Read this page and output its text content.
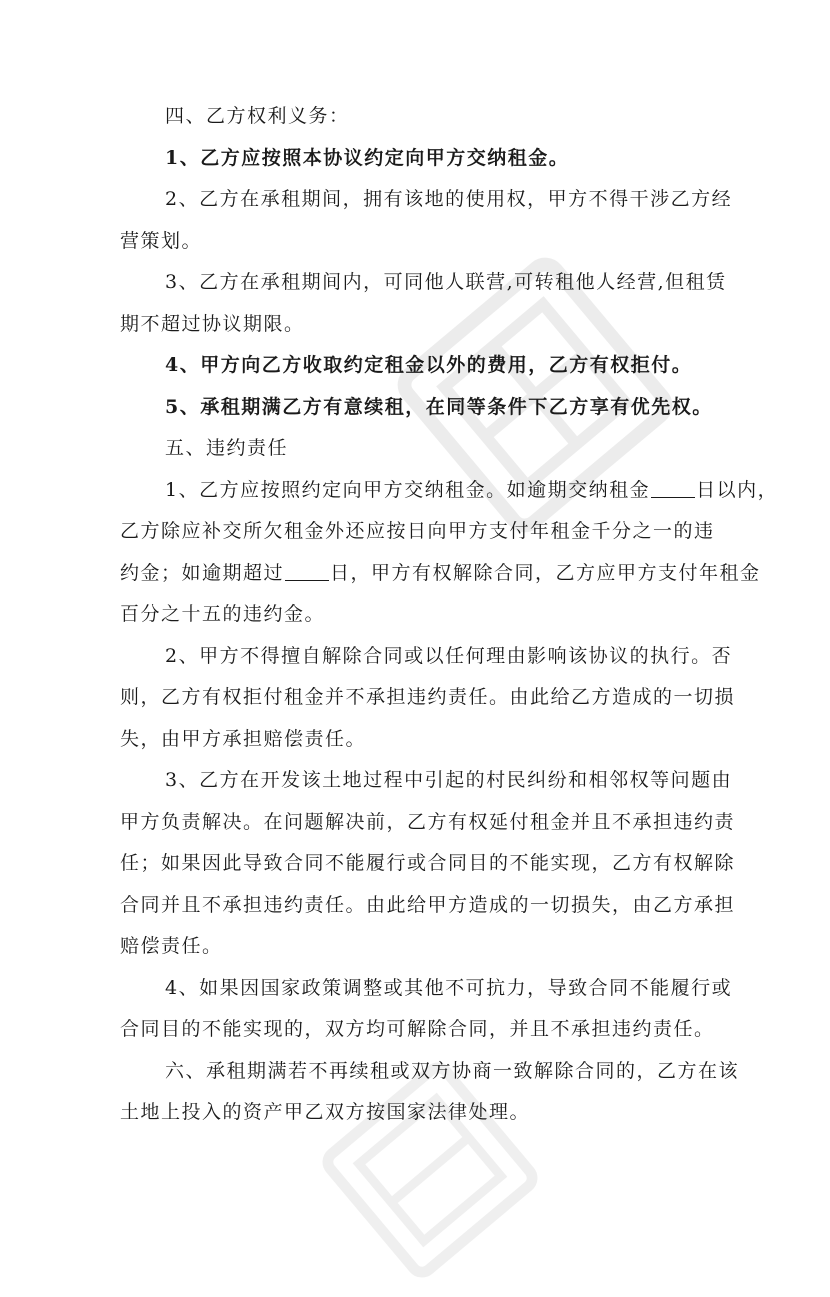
四、乙方权利义务：

1、乙方应按照本协议约定向甲方交纳租金。

2、乙方在承租期间，拥有该地的使用权，甲方不得干涉乙方经

营策划。

3、乙方在承租期间内，可同他人联营,可转租他人经营,但租赁

期不超过协议期限。

4、甲方向乙方收取约定租金以外的费用，乙方有权拒付。

5、承租期满乙方有意续租，在同等条件下乙方享有优先权。

五、违约责任

1、乙方应按照约定向甲方交纳租金。如逾期交纳租金 日以内，

乙方除应补交所欠租金外还应按日向甲方支付年租金千分之一的违

约金；如逾期超过 日，甲方有权解除合同，乙方应甲方支付年租金

百分之十五的违约金。

2、甲方不得擅自解除合同或以任何理由影响该协议的执行。否

则，乙方有权拒付租金并不承担违约责任。由此给乙方造成的一切损

失，由甲方承担赔偿责任。

3、乙方在开发该土地过程中引起的村民纠纷和相邻权等问题由

甲方负责解决。在问题解决前，乙方有权延付租金并且不承担违约责

任；如果因此导致合同不能履行或合同目的不能实现，乙方有权解除

合同并且不承担违约责任。由此给甲方造成的一切损失，由乙方承担

赔偿责任。

4、如果因国家政策调整或其他不可抗力，导致合同不能履行或

合同目的不能实现的，双方均可解除合同，并且不承担违约责任。

六、承租期满若不再续租或双方协商一致解除合同的，乙方在该

土地上投入的资产甲乙双方按国家法律处理。
